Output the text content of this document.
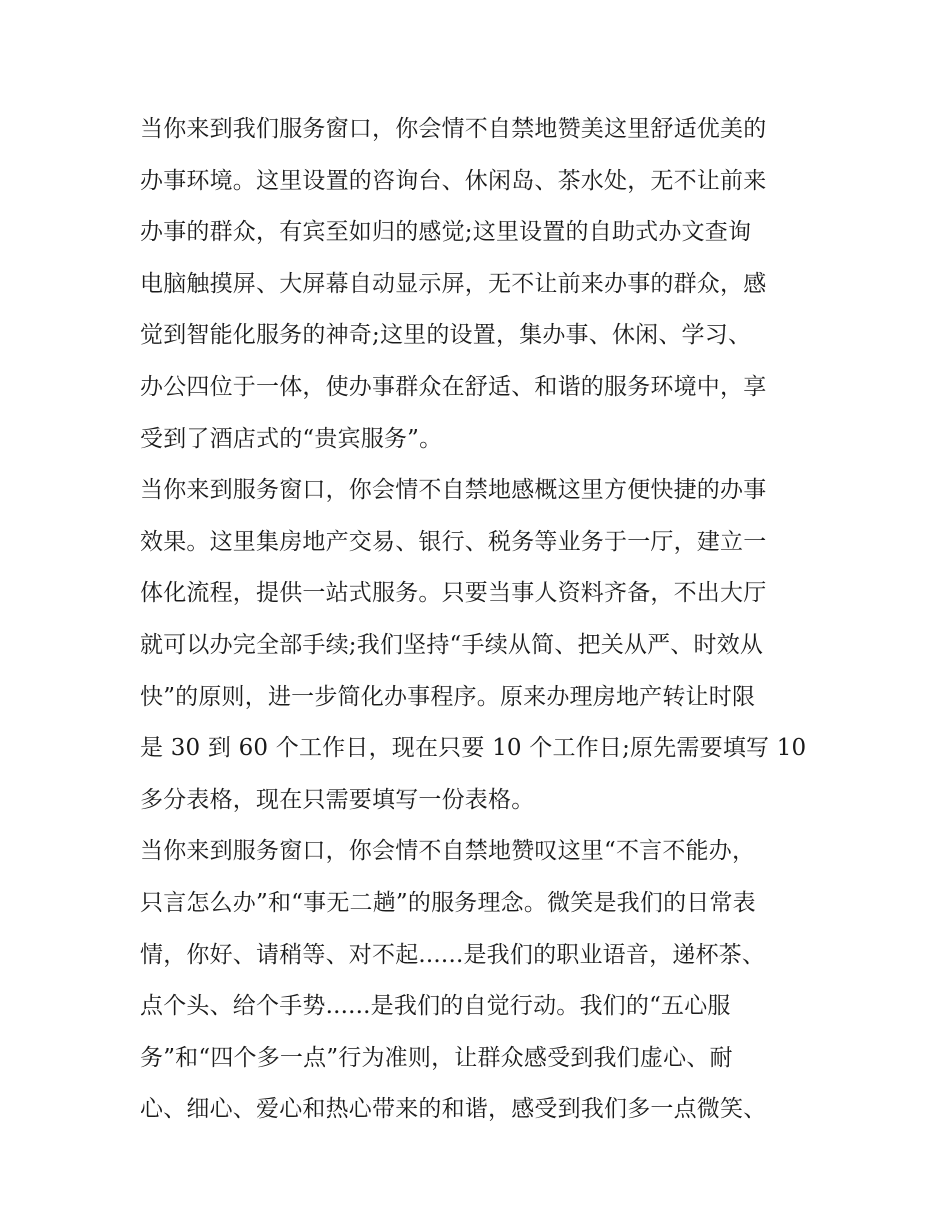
当你来到我们服务窗口，你会情不自禁地赞美这里舒适优美的
办事环境。这里设置的咨询台、休闲岛、茶水处，无不让前来
办事的群众，有宾至如归的感觉;这里设置的自助式办文查询
电脑触摸屏、大屏幕自动显示屏，无不让前来办事的群众，感
觉到智能化服务的神奇;这里的设置，集办事、休闲、学习、
办公四位于一体，使办事群众在舒适、和谐的服务环境中，享
受到了酒店式的“贵宾服务”。
当你来到服务窗口，你会情不自禁地感概这里方便快捷的办事
效果。这里集房地产交易、银行、税务等业务于一厅，建立一
体化流程，提供一站式服务。只要当事人资料齐备，不出大厅
就可以办完全部手续;我们坚持“手续从简、把关从严、时效从
快”的原则，进一步简化办事程序。原来办理房地产转让时限
是 30 到 60 个工作日，现在只要 10 个工作日;原先需要填写 10
多分表格，现在只需要填写一份表格。
当你来到服务窗口，你会情不自禁地赞叹这里“不言不能办，
只言怎么办”和“事无二趟”的服务理念。微笑是我们的日常表
情，你好、请稍等、对不起......是我们的职业语音，递杯茶、
点个头、给个手势......是我们的自觉行动。我们的“五心服
务”和“四个多一点”行为准则，让群众感受到我们虚心、耐
心、细心、爱心和热心带来的和谐，感受到我们多一点微笑、
